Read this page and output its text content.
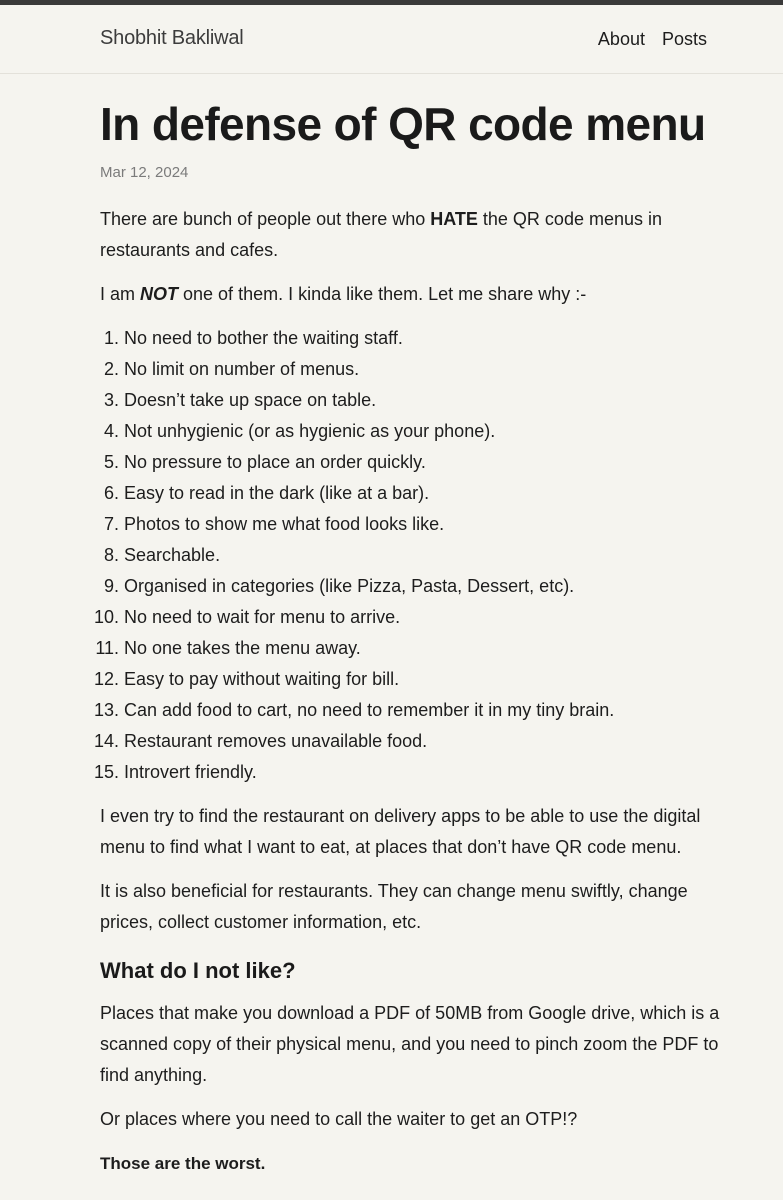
Shobhit Bakliwal	About Posts
In defense of QR code menu
Mar 12, 2024

There are bunch of people out there who HATE the QR code menus in restaurants and cafes.

I am NOT one of them. I kinda like them. Let me share why :-

1. No need to bother the waiting staff.
2. No limit on number of menus.
3. Doesn’t take up space on table.
4. Not unhygienic (or as hygienic as your phone).
5. No pressure to place an order quickly.
6. Easy to read in the dark (like at a bar).
7. Photos to show me what food looks like.
8. Searchable.
9. Organised in categories (like Pizza, Pasta, Dessert, etc).
10. No need to wait for menu to arrive.
11. No one takes the menu away.
12. Easy to pay without waiting for bill.
13. Can add food to cart, no need to remember it in my tiny brain.
14. Restaurant removes unavailable food.
15. Introvert friendly.

I even try to find the restaurant on delivery apps to be able to use the digital menu to find what I want to eat, at places that don’t have QR code menu.

It is also beneficial for restaurants. They can change menu swiftly, change prices, collect customer information, etc.

What do I not like?

Places that make you download a PDF of 50MB from Google drive, which is a scanned copy of their physical menu, and you need to pinch zoom the PDF to find anything.

Or places where you need to call the waiter to get an OTP!?

Those are the worst.
